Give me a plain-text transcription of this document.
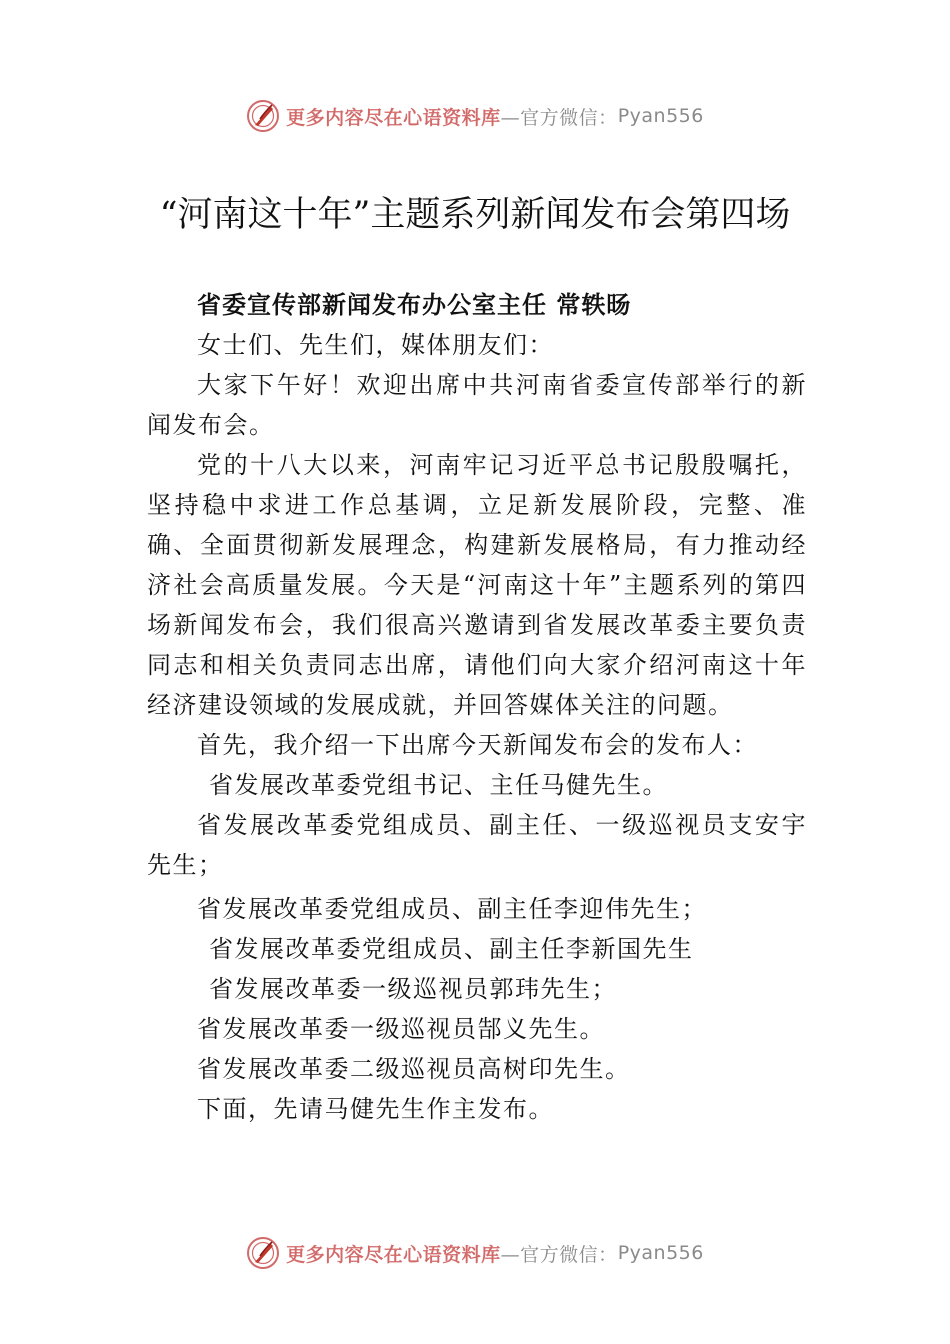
更多内容尽在心语资料库 —官方微信： Pyan556
“河南这十年”主题系列新闻发布会第四场

省委宣传部新闻发布办公室主任 常轶旸

女士们、先生们，媒体朋友们：

大家下午好！欢迎出席中共河南省委宣传部举行的新闻发布会。

党的十八大以来，河南牢记习近平总书记殷殷嘱托，坚持稳中求进工作总基调，立足新发展阶段，完整、准确、全面贯彻新发展理念，构建新发展格局，有力推动经济社会高质量发展。今天是“河南这十年”主题系列的第四场新闻发布会，我们很高兴邀请到省发展改革委主要负责同志和相关负责同志出席，请他们向大家介绍河南这十年经济建设领域的发展成就，并回答媒体关注的问题。

首先，我介绍一下出席今天新闻发布会的发布人：

省发展改革委党组书记、主任马健先生。

省发展改革委党组成员、副主任、一级巡视员支安宇先生；

省发展改革委党组成员、副主任李迎伟先生；

省发展改革委党组成员、副主任李新国先生

省发展改革委一级巡视员郭玮先生；

省发展改革委一级巡视员郜义先生。

省发展改革委二级巡视员高树印先生。

下面，先请马健先生作主发布。

更多内容尽在心语资料库 —官方微信： Pyan556
